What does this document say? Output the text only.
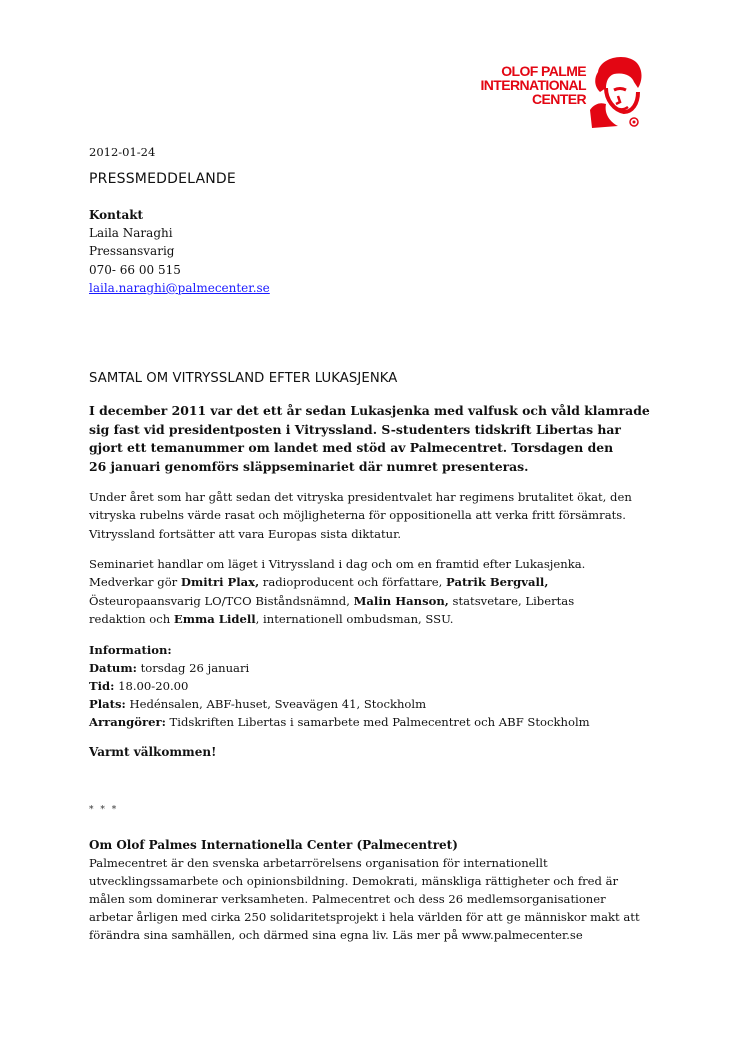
OLOF PALME
INTERNATIONAL
CENTER
2012-01-24
PRESSMEDDELANDE
Kontakt
Laila Naraghi
Pressansvarig
070- 66 00 515
laila.naraghi@palmecenter.se
SAMTAL OM VITRYSSLAND EFTER LUKASJENKA
I december 2011 var det ett år sedan Lukasjenka med valfusk och våld klamrade
sig fast vid presidentposten i Vitryssland. S-studenters tidskrift Libertas har
gjort ett temanummer om landet med stöd av Palmecentret. Torsdagen den
26 januari genomförs släppseminariet där numret presenteras.
Under året som har gått sedan det vitryska presidentvalet har regimens brutalitet ökat, den
vitryska rubelns värde rasat och möjligheterna för oppositionella att verka fritt försämrats.
Vitryssland fortsätter att vara Europas sista diktatur.
Seminariet handlar om läget i Vitryssland i dag och om en framtid efter Lukasjenka.
Medverkar gör Dmitri Plax, radioproducent och författare, Patrik Bergvall,
Östeuropaansvarig LO/TCO Biståndsnämnd, Malin Hanson, statsvetare, Libertas
redaktion och Emma Lidell, internationell ombudsman, SSU.
Information:
Datum: torsdag 26 januari
Tid: 18.00-20.00
Plats: Hedénsalen, ABF-huset, Sveavägen 41, Stockholm
Arrangörer: Tidskriften Libertas i samarbete med Palmecentret och ABF Stockholm
Varmt välkommen!
* * *
Om Olof Palmes Internationella Center (Palmecentret)
Palmecentret är den svenska arbetarrörelsens organisation för internationellt
utvecklingssamarbete och opinionsbildning. Demokrati, mänskliga rättigheter och fred är
målen som dominerar verksamheten. Palmecentret och dess 26 medlemsorganisationer
arbetar årligen med cirka 250 solidaritetsprojekt i hela världen för att ge människor makt att
förändra sina samhällen, och därmed sina egna liv. Läs mer på www.palmecenter.se
